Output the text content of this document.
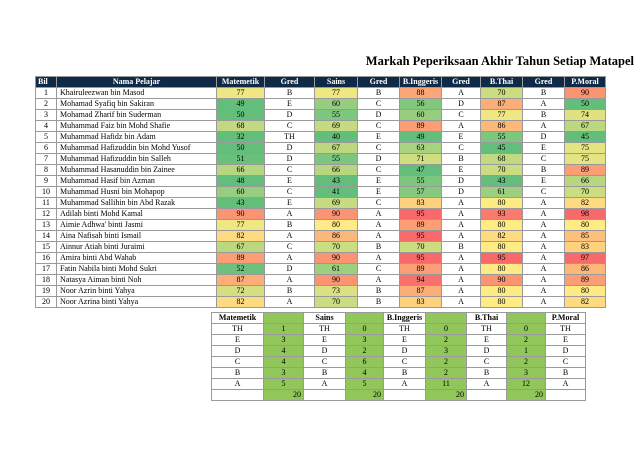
Markah Peperiksaan Akhir Tahun Setiap Matapel
Bil	Nama Pelajar	Matemetik	Gred	Sains	Gred	B.Inggeris	Gred	B.Thai	Gred	P.Moral
1	Khairuleezwan bin Masod	77	B	77	B	88	A	70	B	90
2	Mohamad Syafiq bin Sakiran	49	E	60	C	56	D	87	A	50
3	Mohamad Zharif bin Suderman	50	D	55	D	60	C	77	B	74
4	Muhammad Faiz bin Mohd Shafie	68	C	69	C	89	A	86	A	67
5	Muhammad Hafidz bin Adam	32	TH	40	E	49	E	55	D	45
6	Muhammad Hafizuddin bin Mohd Yusof	50	D	67	C	63	C	45	E	75
7	Muhammad Hafizuddin bin Salleh	51	D	55	D	71	B	68	C	75
8	Muhammad Hasanuddin bin Zainee	66	C	66	C	47	E	70	B	89
9	Muhammad Hasif bin Azman	48	E	43	E	55	D	43	E	66
10	Muhammad Husni bin Mohapop	60	C	41	E	57	D	61	C	70
11	Muhammad Sallihin bin Abd Razak	43	E	69	C	83	A	80	A	82
12	Adilah binti Mohd Kamal	90	A	90	A	95	A	93	A	98
13	Aimie Adhwa' binti Jasmi	77	B	80	A	89	A	80	A	80
14	Aina Nafisah binti Ismail	82	A	86	A	95	A	82	A	85
15	Ainnur Atiah binti Juraimi	67	C	70	B	70	B	80	A	83
16	Amira binti Abd Wahab	89	A	90	A	95	A	95	A	97
17	Fatin Nabila binti Mohd Sukri	52	D	61	C	89	A	80	A	86
18	Natasya Aiman binti Noh	87	A	90	A	94	A	90	A	89
19	Noor Azrin binti Yahya	72	B	73	B	87	A	80	A	80
20	Noor Azrina binti Yahya	82	A	70	B	83	A	80	A	82
Matemetik		Sains		B.Inggeris		B.Thai		P.Moral
TH	1	TH	0	TH	0	TH	0	TH
E	3	E	3	E	2	E	2	E
D	4	D	2	D	3	D	1	D
C	4	C	6	C	2	C	2	C
B	3	B	4	B	2	B	3	B
A	5	A	5	A	11	A	12	A
	20		20		20		20	
